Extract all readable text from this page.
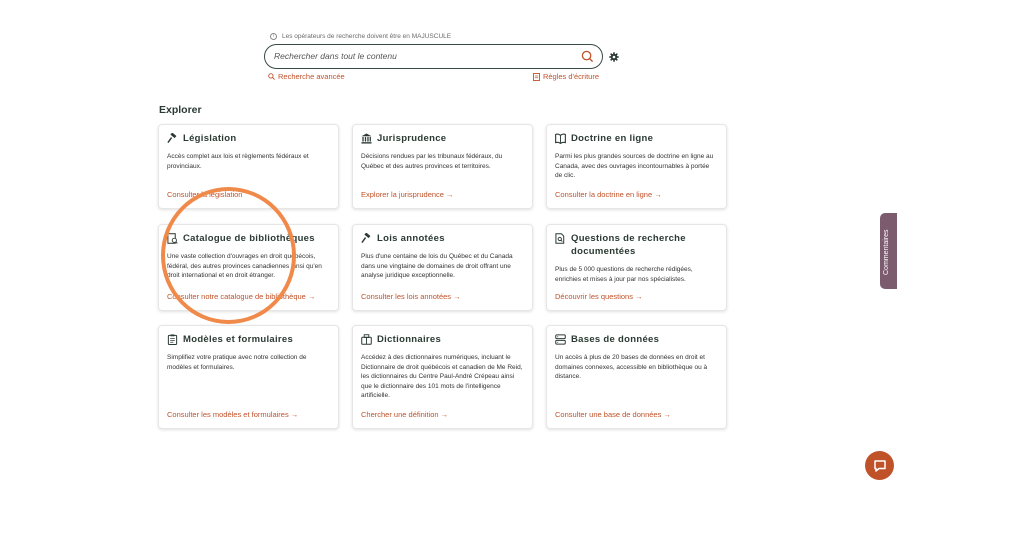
i	Les opérateurs de recherche doivent être en MAJUSCULE
Rechercher dans tout le contenu
Recherche avancée	Règles d'écriture
Explorer
Législation
Accès complet aux lois et règlements fédéraux et provinciaux.
Consulter la législation
Jurisprudence
Décisions rendues par les tribunaux fédéraux, du Québec et des autres provinces et territoires.
Explorer la jurisprudence →
Doctrine en ligne
Parmi les plus grandes sources de doctrine en ligne au Canada, avec des ouvrages incontournables à portée de clic.
Consulter la doctrine en ligne →
Catalogue de bibliothèques
Une vaste collection d'ouvrages en droit québécois, fédéral, des autres provinces canadiennes ainsi qu'en droit international et en droit étranger.
Consulter notre catalogue de bibliothèque →
Lois annotées
Plus d'une centaine de lois du Québec et du Canada dans une vingtaine de domaines de droit offrant une analyse juridique exceptionnelle.
Consulter les lois annotées →
Questions de recherche documentées
Plus de 5 000 questions de recherche rédigées, enrichies et mises à jour par nos spécialistes.
Découvrir les questions →
Modèles et formulaires
Simplifiez votre pratique avec notre collection de modèles et formulaires.
Consulter les modèles et formulaires →
Dictionnaires
Accédez à des dictionnaires numériques, incluant le Dictionnaire de droit québécois et canadien de Me Reid, les dictionnaires du Centre Paul-André Crépeau ainsi que le dictionnaire des 101 mots de l'intelligence artificielle.
Chercher une définition →
Bases de données
Un accès à plus de 20 bases de données en droit et domaines connexes, accessible en bibliothèque ou à distance.
Consulter une base de données →
Commentaires
